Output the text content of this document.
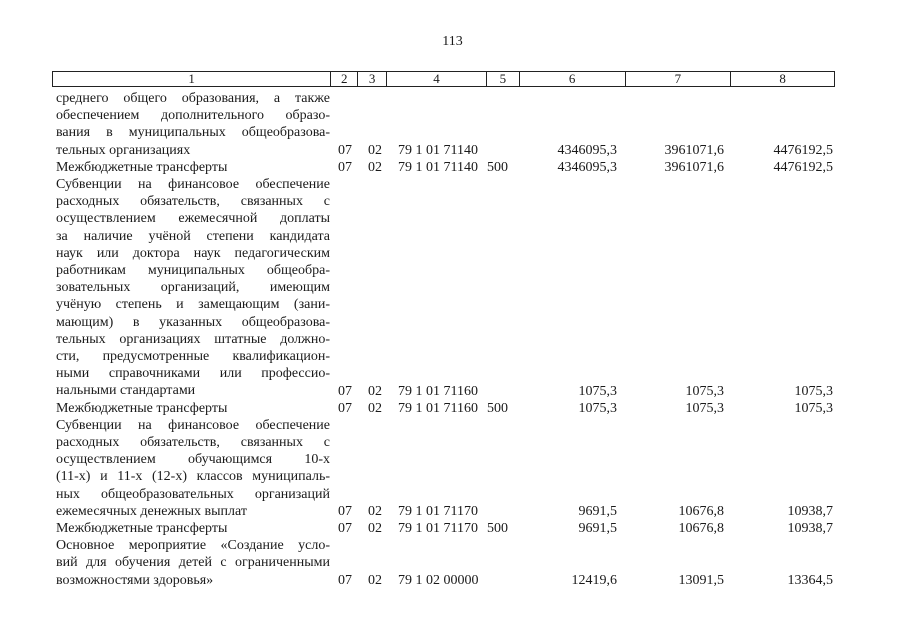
113
1	2	3	4	5	6	7	8
среднего общего образования, а также
обеспечением дополнительного образо-
вания в муниципальных общеобразова-
тельных организациях	07 02 79 1 01 71140	4346095,3	3961071,6	4476192,5
Межбюджетные трансферты	07 02 79 1 01 71140 500	4346095,3	3961071,6	4476192,5
Субвенции на финансовое обеспечение
расходных обязательств, связанных с
осуществлением ежемесячной доплаты
за наличие учёной степени кандидата
наук или доктора наук педагогическим
работникам муниципальных общеобра-
зовательных организаций, имеющим
учёную степень и замещающим (зани-
мающим) в указанных общеобразова-
тельных организациях штатные должно-
сти, предусмотренные квалификацион-
ными справочниками или профессио-
нальными стандартами	07 02 79 1 01 71160	1075,3	1075,3	1075,3
Межбюджетные трансферты	07 02 79 1 01 71160 500	1075,3	1075,3	1075,3
Субвенции на финансовое обеспечение
расходных обязательств, связанных с
осуществлением обучающимся 10-х
(11-х) и 11-х (12-х) классов муниципаль-
ных общеобразовательных организаций
ежемесячных денежных выплат	07 02 79 1 01 71170	9691,5	10676,8	10938,7
Межбюджетные трансферты	07 02 79 1 01 71170 500	9691,5	10676,8	10938,7
Основное мероприятие «Создание усло-
вий для обучения детей с ограниченными
возможностями здоровья»	07 02 79 1 02 00000	12419,6	13091,5	13364,5
